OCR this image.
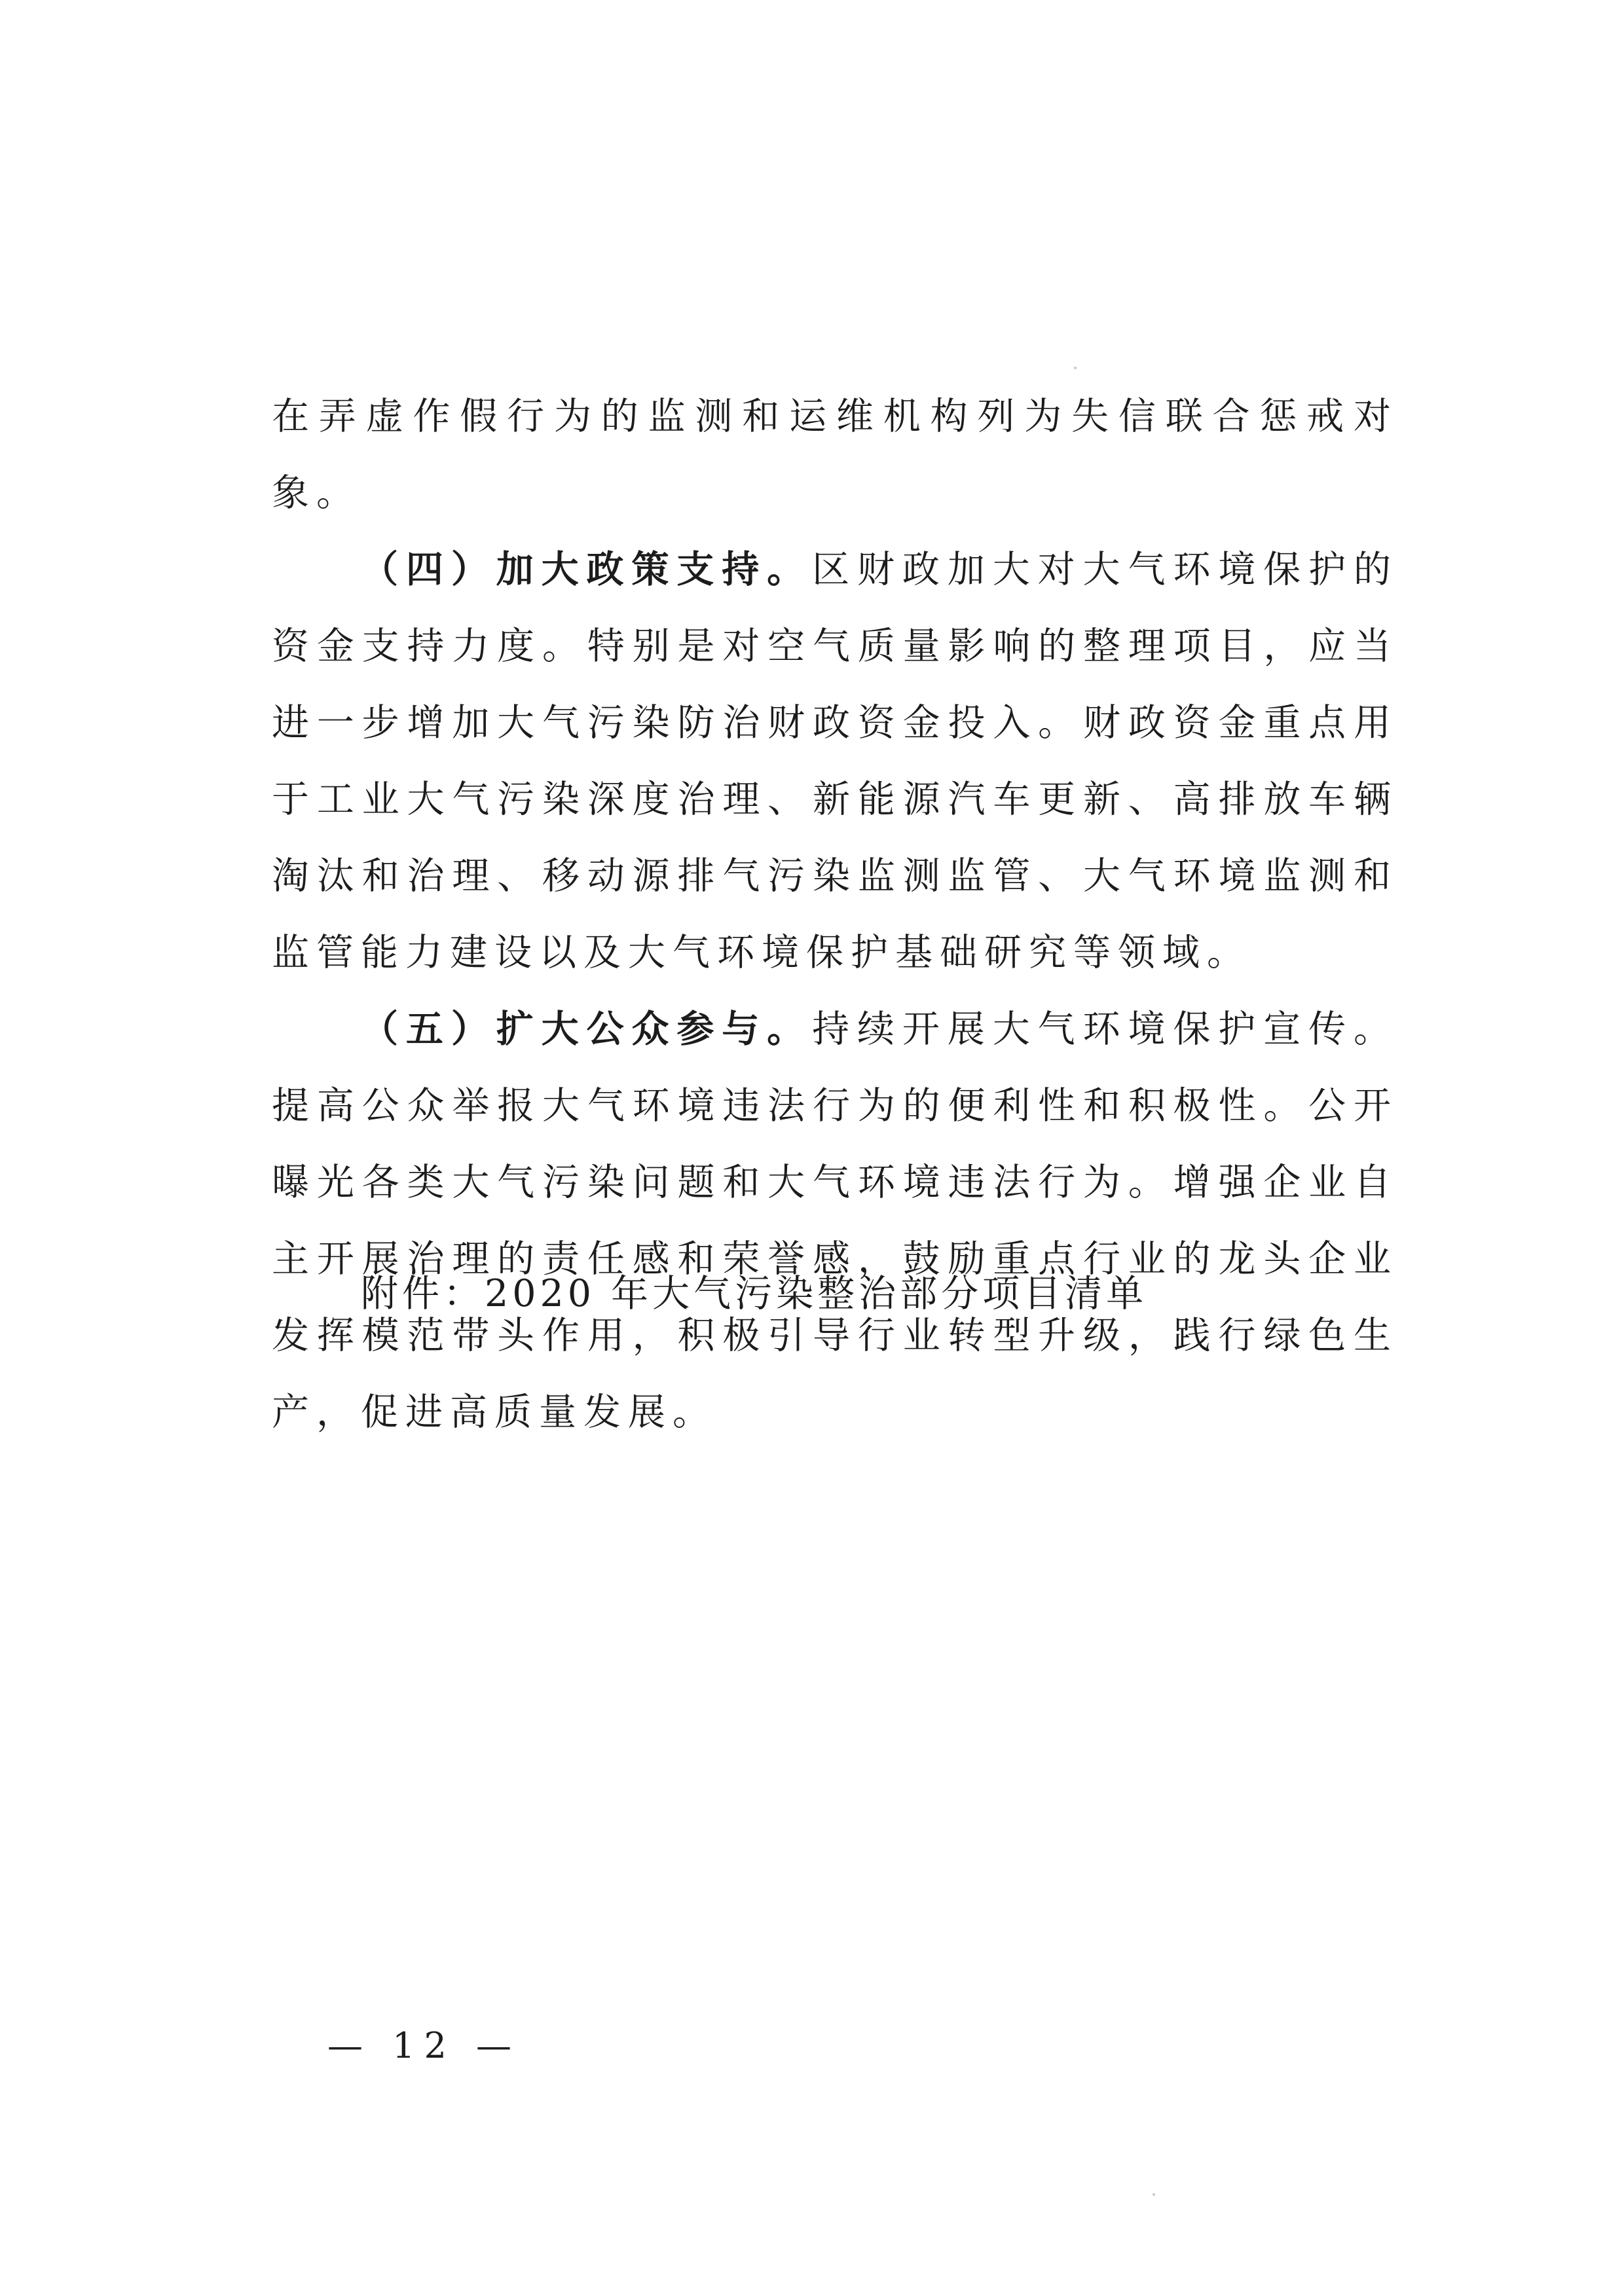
在弄虚作假行为的监测和运维机构列为失信联合惩戒对象。

（四）加大政策支持。区财政加大对大气环境保护的资金支持力度。特别是对空气质量影响的整理项目，应当进一步增加大气污染防治财政资金投入。财政资金重点用于工业大气污染深度治理、新能源汽车更新、高排放车辆淘汰和治理、移动源排气污染监测监管、大气环境监测和监管能力建设以及大气环境保护基础研究等领域。

（五）扩大公众参与。持续开展大气环境保护宣传。提高公众举报大气环境违法行为的便利性和积极性。公开曝光各类大气污染问题和大气环境违法行为。增强企业自主开展治理的责任感和荣誉感，鼓励重点行业的龙头企业发挥模范带头作用，积极引导行业转型升级，践行绿色生产，促进高质量发展。

附件：2020 年大气污染整治部分项目清单
— 12 —
